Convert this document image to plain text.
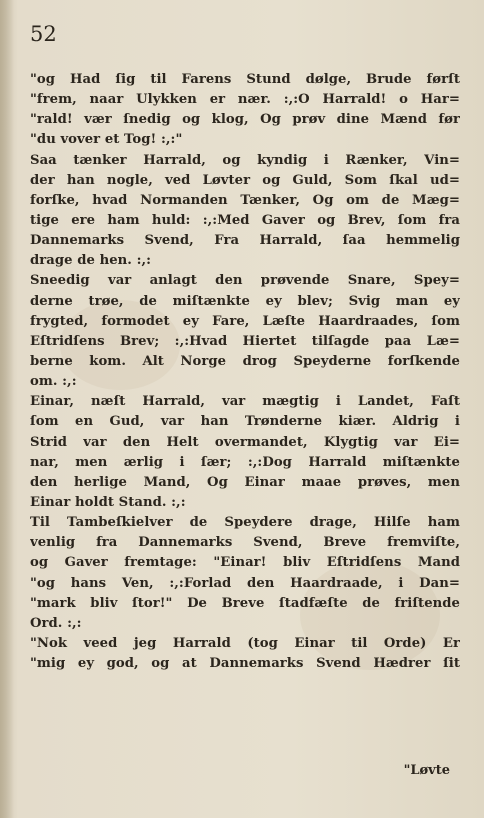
52
"og Had ſig til Farens Stund dølge, Brude førſt
"frem, naar Ulykken er nær. :,:O Harrald! o Har=
"rald! vær ſnedig og klog, Og prøv dine Mænd før
"du vover et Tog! :,:"
Saa tænker Harrald, og kyndig i Rænker, Vin=
der han nogle, ved Løvter og Guld, Som ſkal ud=
forſke, hvad Normanden Tænker, Og om de Mæg=
tige ere ham huld: :,:Med Gaver og Brev, ſom fra
Dannemarks Svend, Fra Harrald, ſaa hemmelig
drage de hen. :,:
Sneedig var anlagt den prøvende Snare, Spey=
derne trøe, de miſtænkte ey blev; Svig man ey
frygted, formodet ey Fare, Læſte Haardraades, ſom
Eſtridſens Brev; :,:Hvad Hiertet tilſagde paa Læ=
berne kom. Alt Norge drog Speyderne forſkende
om. :,:
Einar, næſt Harrald, var mægtig i Landet, Faſt
ſom en Gud, var han Trønderne kiær. Aldrig i
Strid var den Helt overmandet, Klygtig var Ei=
nar, men ærlig i ſær; :,:Dog Harrald miſtænkte
den herlige Mand, Og Einar maae prøves, men
Einar holdt Stand. :,:
Til Tambeſkielver de Speydere drage, Hilſe ham
venlig fra Dannemarks Svend, Breve fremviſte,
og Gaver fremtage: "Einar! bliv Eſtridſens Mand
"og hans Ven, :,:Forlad den Haardraade, i Dan=
"mark bliv ſtor!" De Breve ſtadfæſte de friſtende
Ord. :,:
"Nok veed jeg Harrald (tog Einar til Orde) Er
"mig ey god, og at Dannemarks Svend Hædrer ſit
"Løvte
